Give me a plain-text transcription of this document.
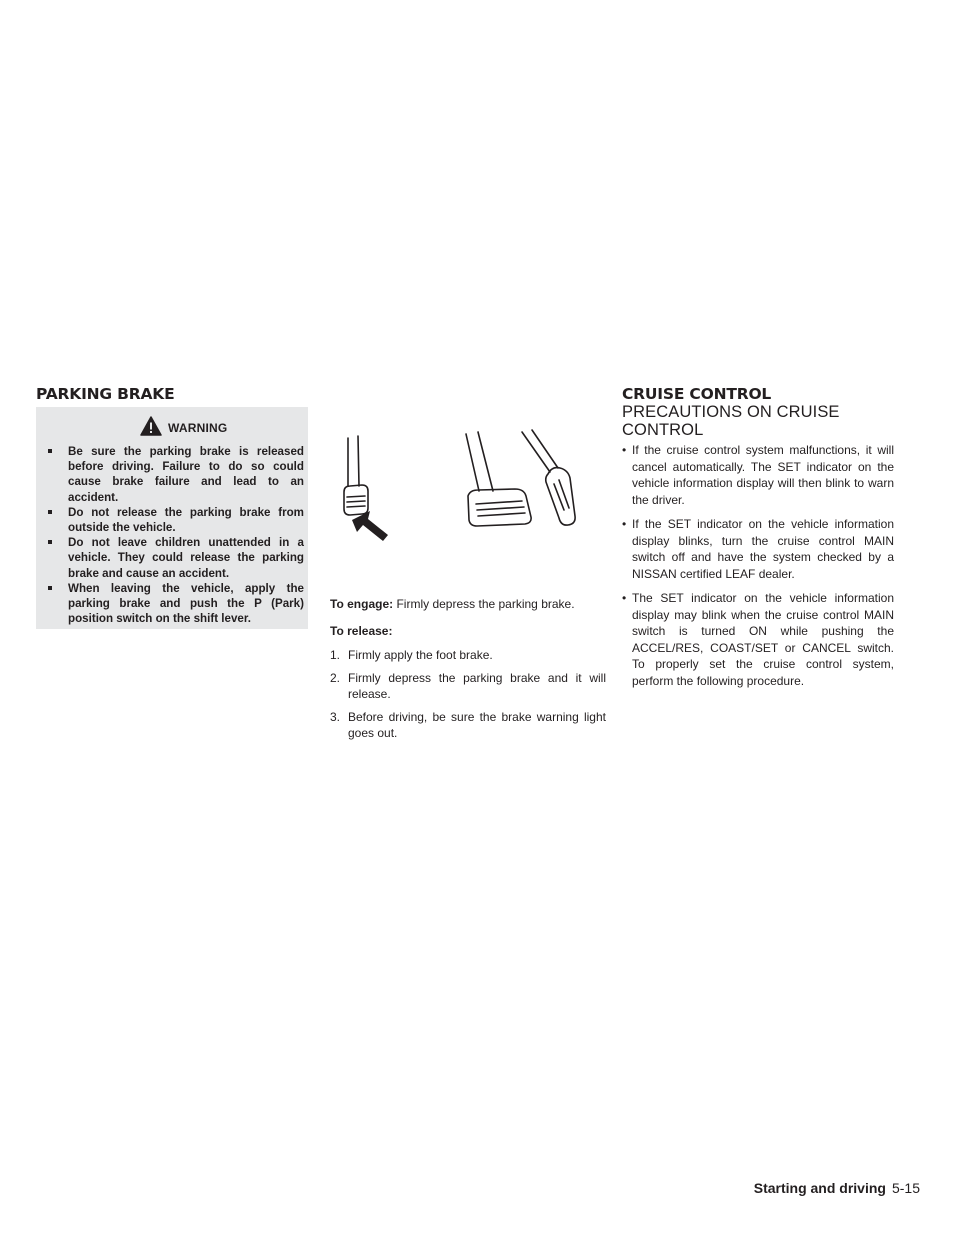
PARKING BRAKE
WARNING
Be sure the parking brake is released before driving. Failure to do so could cause brake failure and lead to an accident.
Do not release the parking brake from outside the vehicle.
Do not leave children unattended in a vehicle. They could release the parking brake and cause an accident.
When leaving the vehicle, apply the parking brake and push the P (Park) position switch on the shift lever.

To engage: Firmly depress the parking brake.

To release:

1. Firmly apply the foot brake.
2. Firmly depress the parking brake and it will release.
3. Before driving, be sure the brake warning light goes out.
CRUISE CONTROL
PRECAUTIONS ON CRUISE CONTROL
• If the cruise control system malfunctions, it will cancel automatically. The SET indicator on the vehicle information display will then blink to warn the driver.
• If the SET indicator on the vehicle information display blinks, turn the cruise control MAIN switch off and have the system checked by a NISSAN certified LEAF dealer.
• The SET indicator on the vehicle information display may blink when the cruise control MAIN switch is turned ON while pushing the ACCEL/RES, COAST/SET or CANCEL switch. To properly set the cruise control system, perform the following procedure.
Starting and driving 5-15
